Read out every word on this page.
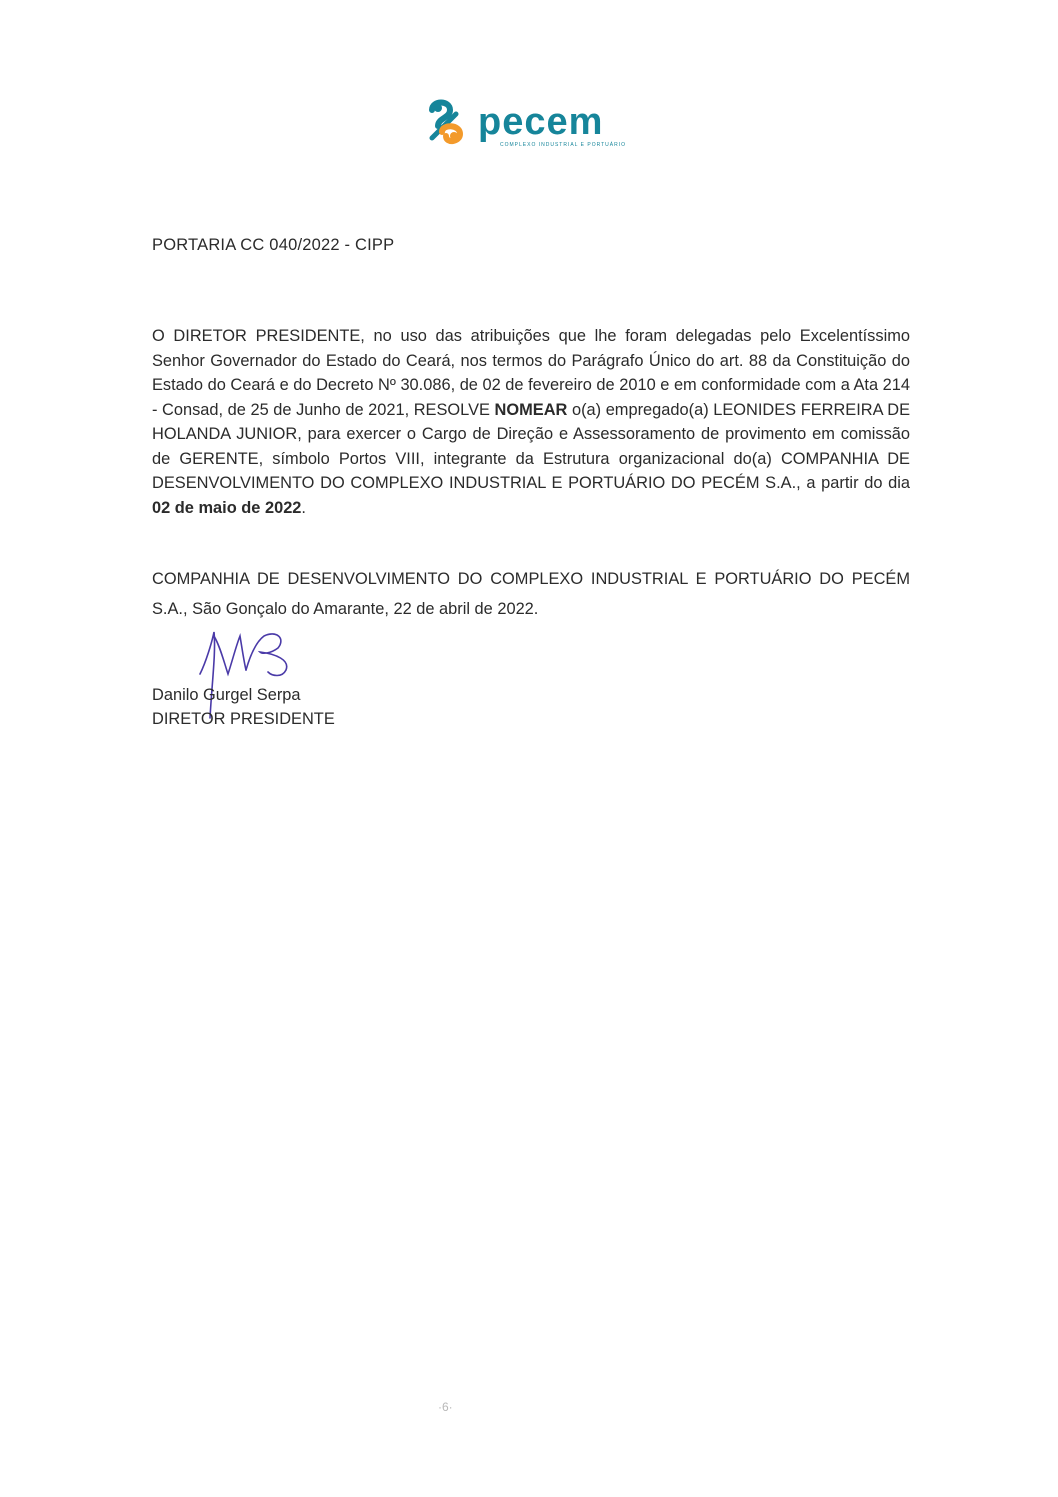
pecem
COMPLEXO INDUSTRIAL E PORTUÁRIO
PORTARIA CC 040/2022 - CIPP

O DIRETOR PRESIDENTE, no uso das atribuições que lhe foram delegadas pelo Excelentíssimo Senhor Governador do Estado do Ceará, nos termos do Parágrafo Único do art. 88 da Constituição do Estado do Ceará e do Decreto Nº 30.086, de 02 de fevereiro de 2010 e em conformidade com a Ata 214 - Consad, de 25 de Junho de 2021, RESOLVE NOMEAR o(a) empregado(a) LEONIDES FERREIRA DE HOLANDA JUNIOR, para exercer o Cargo de Direção e Assessoramento de provimento em comissão de GERENTE, símbolo Portos VIII, integrante da Estrutura organizacional do(a) COMPANHIA DE DESENVOLVIMENTO DO COMPLEXO INDUSTRIAL E PORTUÁRIO DO PECÉM S.A., a partir do dia 02 de maio de 2022.

COMPANHIA DE DESENVOLVIMENTO DO COMPLEXO INDUSTRIAL E PORTUÁRIO DO PECÉM S.A., São Gonçalo do Amarante, 22 de abril de 2022.

Danilo Gurgel Serpa
DIRETOR PRESIDENTE
·6·
